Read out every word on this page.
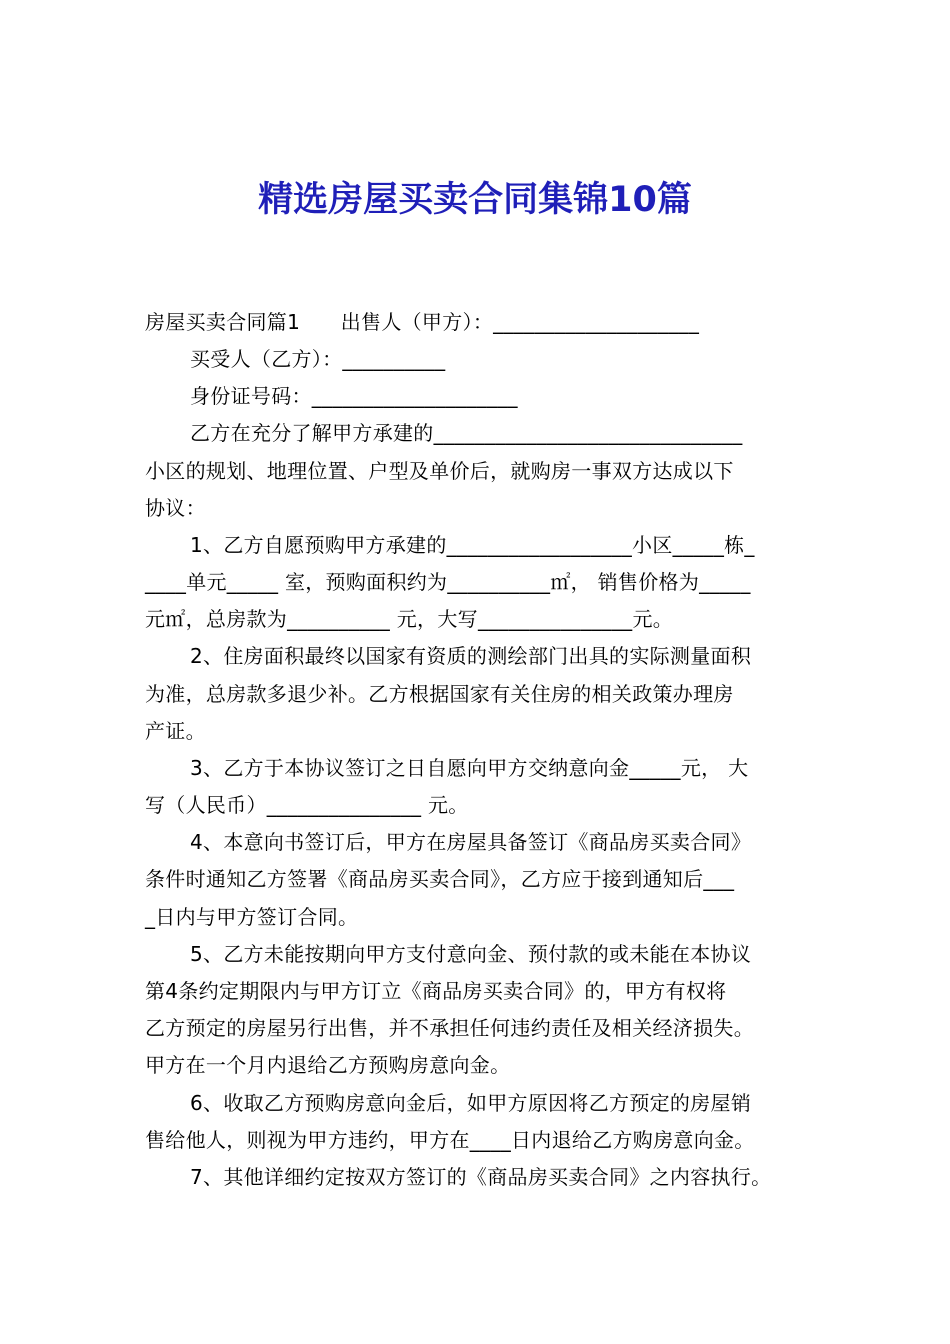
精选房屋买卖合同集锦10篇
房屋买卖合同篇1　　出售人（甲方）：____________________
买受人（乙方）：__________
身份证号码：____________________
乙方在充分了解甲方承建的______________________________
小区的规划、地理位置、户型及单价后，就购房一事双方达成以下
协议：
1、乙方自愿预购甲方承建的__________________小区_____栋_
____单元_____ 室，预购面积约为__________㎡， 销售价格为_____
元㎡，总房款为__________ 元，大写_______________元。
2、住房面积最终以国家有资质的测绘部门出具的实际测量面积
为准，总房款多退少补。乙方根据国家有关住房的相关政策办理房
产证。
3、乙方于本协议签订之日自愿向甲方交纳意向金_____元， 大
写（人民币）_______________ 元。
4、本意向书签订后，甲方在房屋具备签订《商品房买卖合同》
条件时通知乙方签署《商品房买卖合同》，乙方应于接到通知后___
_日内与甲方签订合同。
5、乙方未能按期向甲方支付意向金、预付款的或未能在本协议
第4条约定期限内与甲方订立《商品房买卖合同》的，甲方有权将
乙方预定的房屋另行出售，并不承担任何违约责任及相关经济损失。
甲方在一个月内退给乙方预购房意向金。
6、收取乙方预购房意向金后，如甲方原因将乙方预定的房屋销
售给他人，则视为甲方违约，甲方在____日内退给乙方购房意向金。
7、其他详细约定按双方签订的《商品房买卖合同》之内容执行。
